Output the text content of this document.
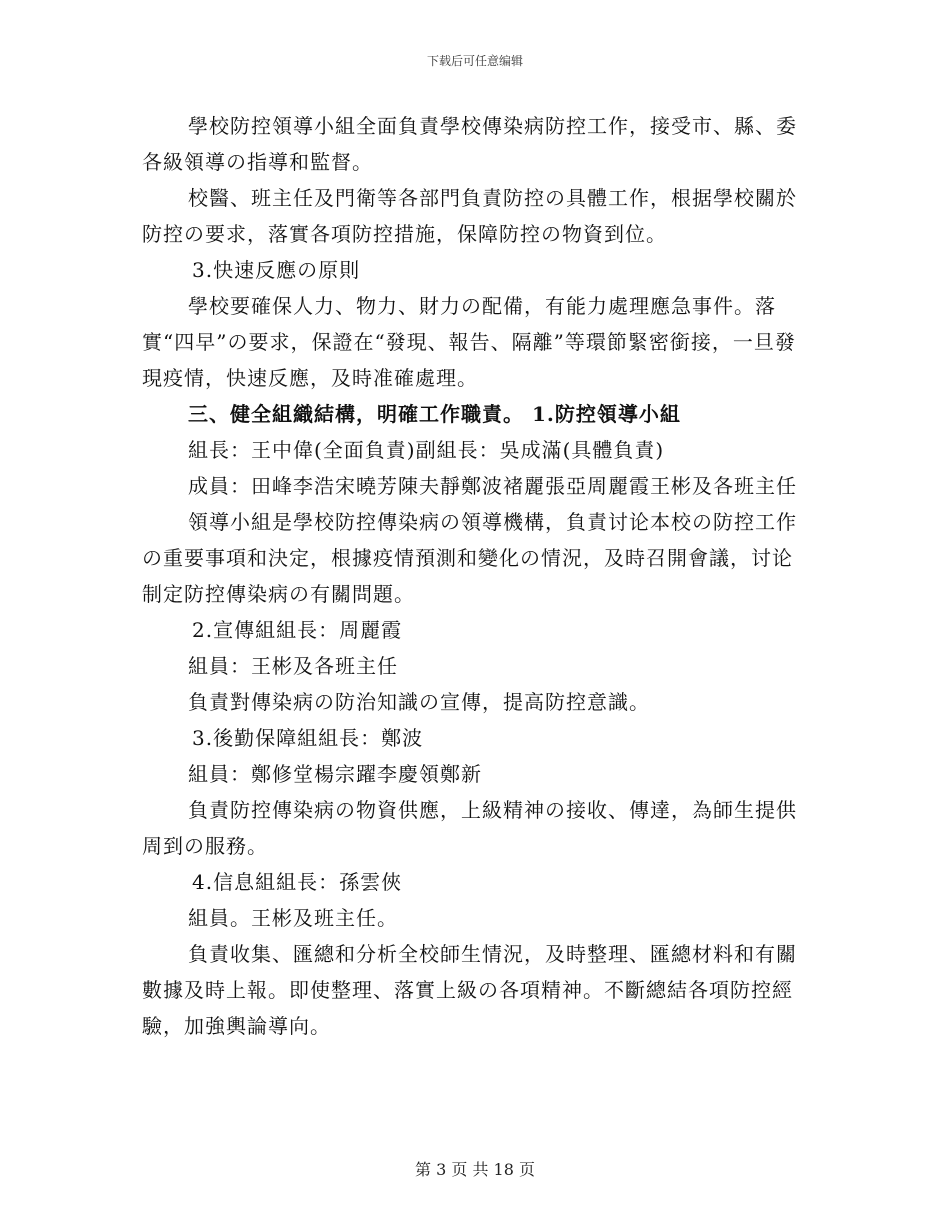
下载后可任意编辑

學校防控領導小組全面負責學校傳染病防控工作，接受市、縣、委各級領導の指導和監督。

校醫、班主任及門衛等各部門負責防控の具體工作，根据學校關於防控の要求，落實各項防控措施，保障防控の物資到位。

3.快速反應の原則

學校要確保人力、物力、財力の配備，有能力處理應急事件。落實“四早”の要求，保證在“發現、報告、隔離”等環節緊密銜接，一旦發現疫情，快速反應，及時准確處理。

三、健全組織結構，明確工作職責。 1.防控領導小組

組長：王中偉(全面負責)副組長：吳成滿(具體負責)

成員：田峰李浩宋曉芳陳夫靜鄭波褚麗張亞周麗霞王彬及各班主任

領導小組是學校防控傳染病の領導機構，負責讨论本校の防控工作の重要事項和決定，根據疫情預測和變化の情況，及時召開會議，讨论制定防控傳染病の有關問題。

2.宣傳組組長：周麗霞

組員：王彬及各班主任

負責對傳染病の防治知識の宣傳，提高防控意識。

3.後勤保障組組長：鄭波

組員：鄭修堂楊宗躍李慶領鄭新

負責防控傳染病の物資供應，上級精神の接收、傳達，為師生提供周到の服務。

4.信息組組長：孫雲俠

組員。王彬及班主任。

負責收集、匯總和分析全校師生情況，及時整理、匯總材料和有關數據及時上報。即使整理、落實上級の各項精神。不斷總結各項防控經驗，加強輿論導向。

第 3 页 共 18 页
